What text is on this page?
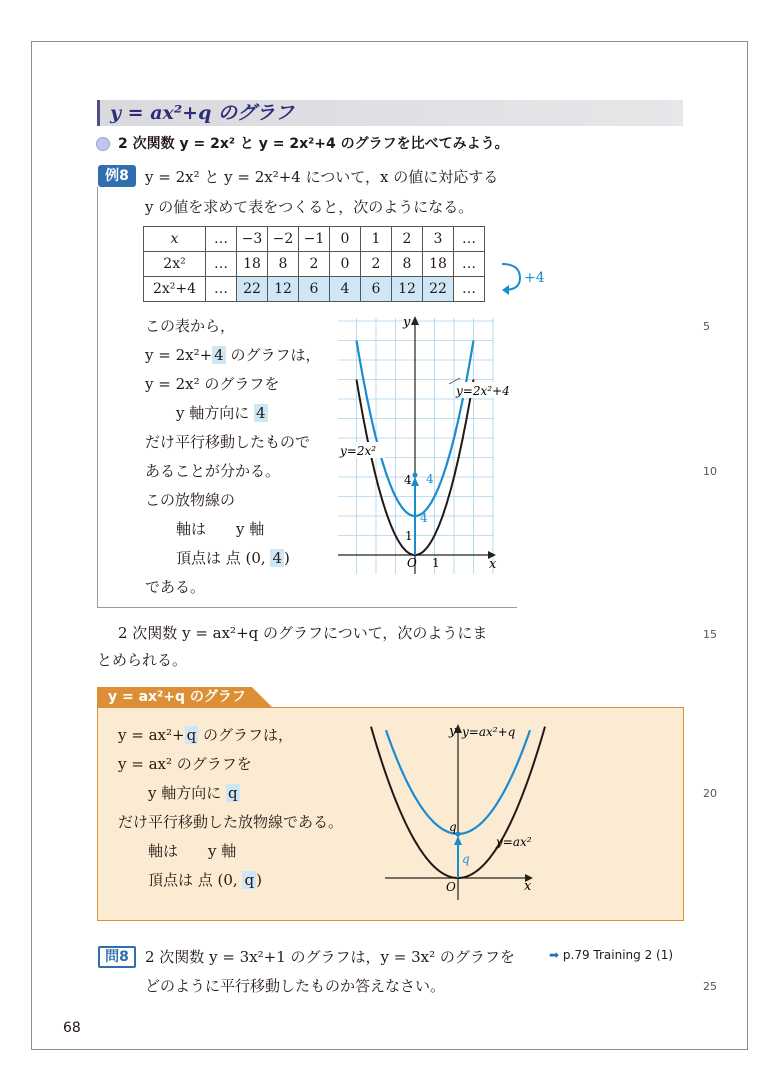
y = ax²+q のグラフ
2 次関数 y = 2x² と y = 2x²+4 のグラフを比べてみよう。
例8	y = 2x² と y = 2x²+4 について，x の値に対応する
y の値を求めて表をつくると，次のようになる。
x	…	−3	−2	−1	0	1	2	3	…
2x²	…	18	8	2	0	2	8	18	…
2x²+4	…	22	12	6	4	6	12	22	…
+4
この表から，
y = 2x²+ 4 のグラフは，
y = 2x² のグラフを
y 軸方向に 4
だけ平行移動したもので
あることが分かる。
この放物線の
軸は y 軸
頂点は 点 (0, 4 )
である。
O 1
1
4
x
y
4
4
y=2x²
y=2x²+4
2 次関数 y = ax²+q のグラフについて，次のようにま
とめられる。
y = ax²+q のグラフ
y = ax²+ q のグラフは，
y = ax² のグラフを
y 軸方向に q
だけ平行移動した放物線である。
軸は y 軸
頂点は 点 (0, q )	O	x
y y=ax²+q
y=ax²
q
q
問8	2 次関数 y = 3x²+1 のグラフは，y = 3x² のグラフを
どのように平行移動したものか答えなさい。
➡ p.79 Training 2 (1)
5
10
15
20
25
68
